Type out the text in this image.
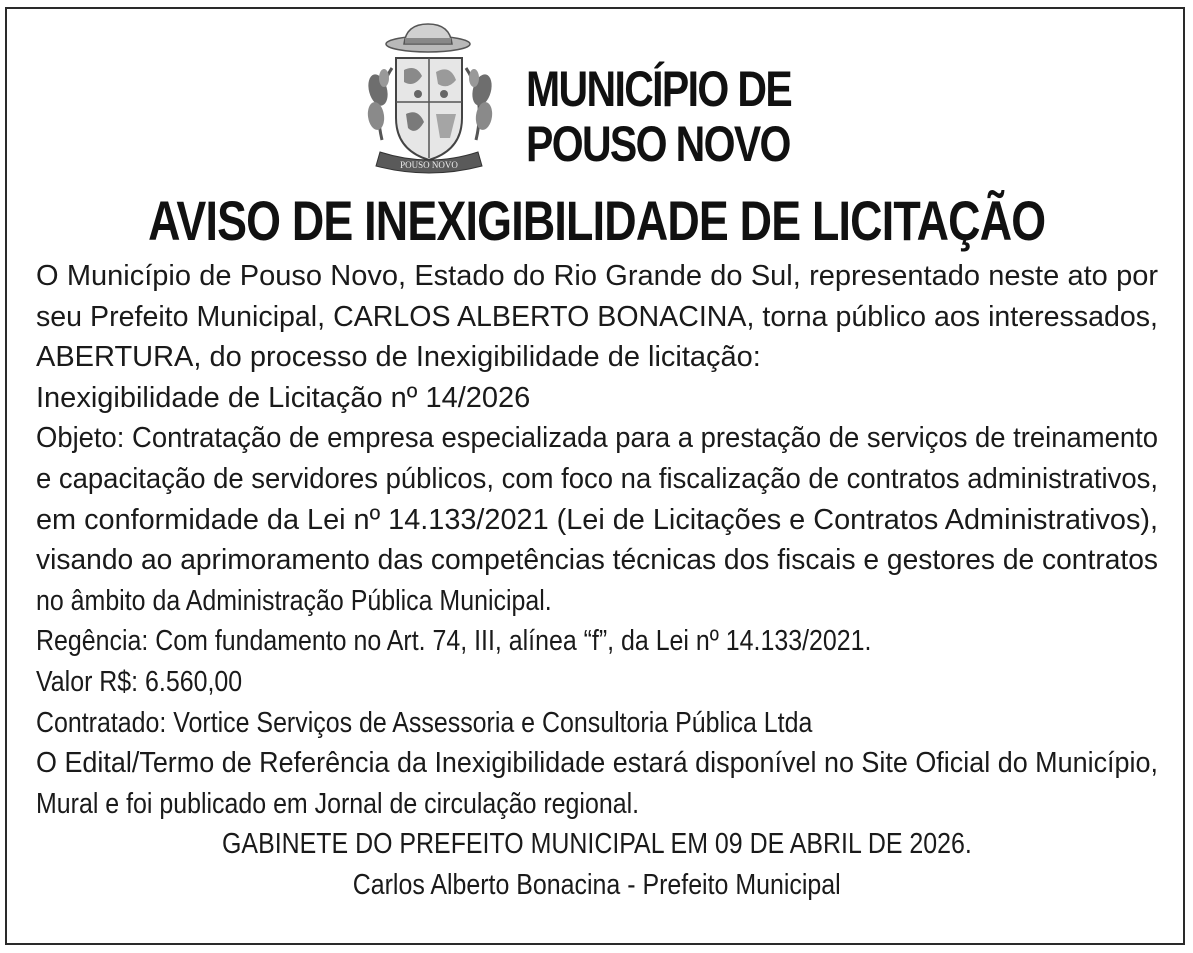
POUSO NOVO
MUNICÍPIO DE
POUSO NOVO
AVISO DE INEXIGIBILIDADE DE LICITAÇÃO
O Município de Pouso Novo, Estado do Rio Grande do Sul, representado neste ato por
seu Prefeito Municipal, CARLOS ALBERTO BONACINA, torna público aos interessados,
ABERTURA, do processo de Inexigibilidade de licitação:
Inexigibilidade de Licitação nº 14/2026
Objeto: Contratação de empresa especializada para a prestação de serviços de treinamento
e capacitação de servidores públicos, com foco na fiscalização de contratos administrativos,
em conformidade da Lei nº 14.133/2021 (Lei de Licitações e Contratos Administrativos),
visando ao aprimoramento das competências técnicas dos fiscais e gestores de contratos
no âmbito da Administração Pública Municipal.
Regência: Com fundamento no Art. 74, III, alínea “f”, da Lei nº 14.133/2021.
Valor R$: 6.560,00
Contratado: Vortice Serviços de Assessoria e Consultoria Pública Ltda
O Edital/Termo de Referência da Inexigibilidade estará disponível no Site Oficial do Município,
Mural e foi publicado em Jornal de circulação regional.
GABINETE DO PREFEITO MUNICIPAL EM 09 DE ABRIL DE 2026.
Carlos Alberto Bonacina - Prefeito Municipal
